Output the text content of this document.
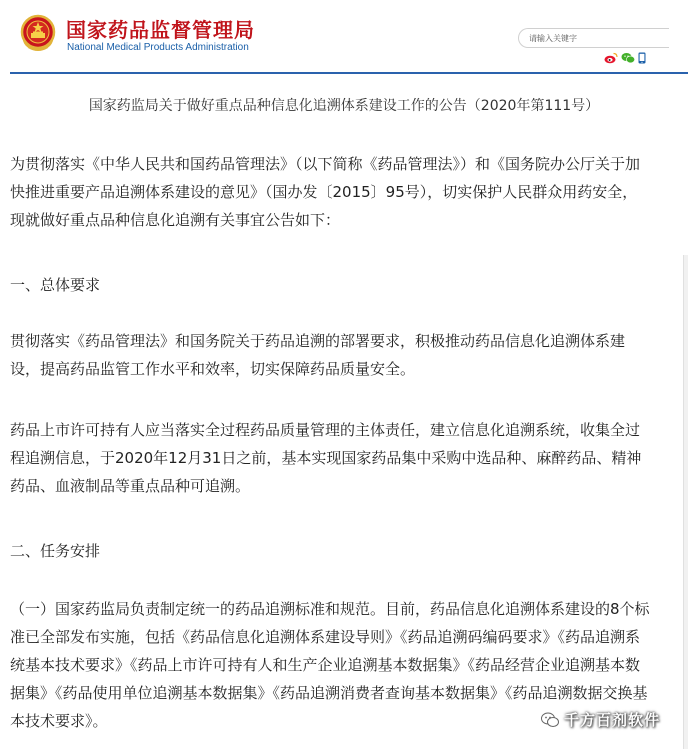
国家药品监督管理局
National Medical Products Administration
请输入关键字
国家药监局关于做好重点品种信息化追溯体系建设工作的公告（2020年第111号）

为贯彻落实《中华人民共和国药品管理法》（以下简称《药品管理法》）和《国务院办公厅关于加快推进重要产品追溯体系建设的意见》（国办发〔2015〕95号），切实保护人民群众用药安全，现就做好重点品种信息化追溯有关事宜公告如下：

一、总体要求

贯彻落实《药品管理法》和国务院关于药品追溯的部署要求，积极推动药品信息化追溯体系建设，提高药品监管工作水平和效率，切实保障药品质量安全。

药品上市许可持有人应当落实全过程药品质量管理的主体责任，建立信息化追溯系统，收集全过程追溯信息，于2020年12月31日之前，基本实现国家药品集中采购中选品种、麻醉药品、精神药品、血液制品等重点品种可追溯。

二、任务安排

（一）国家药监局负责制定统一的药品追溯标准和规范。目前，药品信息化追溯体系建设的8个标准已全部发布实施，包括《药品信息化追溯体系建设导则》《药品追溯码编码要求》《药品追溯系统基本技术要求》《药品上市许可持有人和生产企业追溯基本数据集》《药品经营企业追溯基本数据集》《药品使用单位追溯基本数据集》《药品追溯消费者查询基本数据集》《药品追溯数据交换基本技术要求》。	千方百剂软件
